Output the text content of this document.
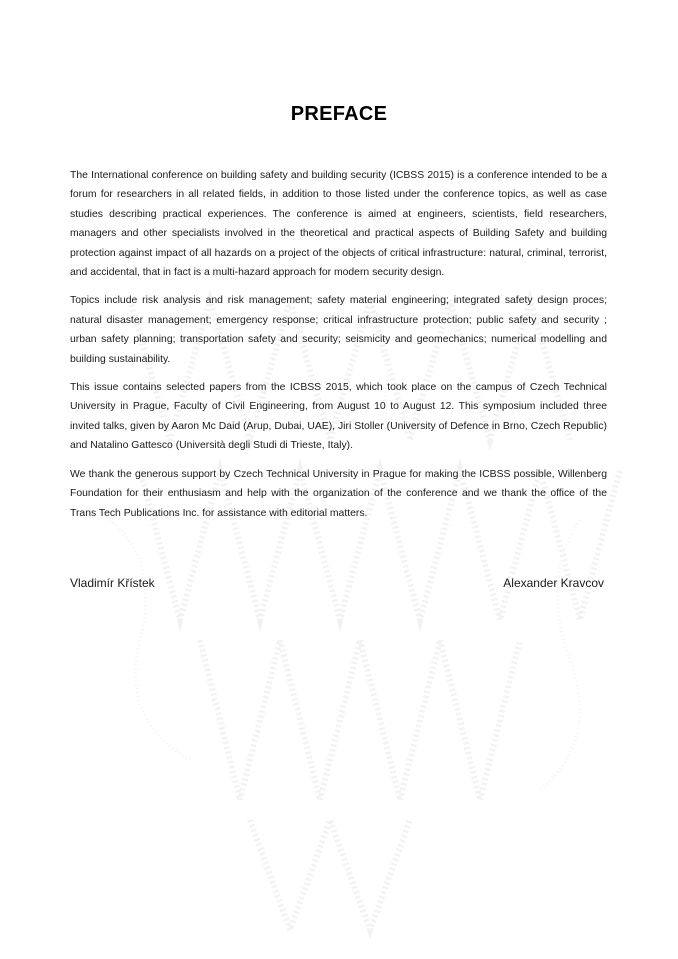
PREFACE

The International conference on building safety and building security (ICBSS 2015) is a conference intended to be a forum for researchers in all related fields, in addition to those listed under the conference topics, as well as case studies describing practical experiences. The conference is aimed at engineers, scientists, field researchers, managers and other specialists involved in the theoretical and practical aspects of Building Safety and building protection against impact of all hazards on a project of the objects of critical infrastructure: natural, criminal, terrorist, and accidental, that in fact is a multi-hazard approach for modern security design.

Topics include risk analysis and risk management; safety material engineering; integrated safety design proces; natural disaster management; emergency response; critical infrastructure protection; public safety and security ; urban safety planning; transportation safety and security; seismicity and geomechanics; numerical modelling and building sustainability.

This issue contains selected papers from the ICBSS 2015, which took place on the campus of Czech Technical University in Prague, Faculty of Civil Engineering, from August 10 to August 12. This symposium included three invited talks, given by Aaron Mc Daid (Arup, Dubai, UAE), Jiri Stoller (University of Defence in Brno, Czech Republic) and Natalino Gattesco (Università degli Studi di Trieste, Italy).

We thank the generous support by Czech Technical University in Prague for making the ICBSS possible, Willenberg Foundation for their enthusiasm and help with the organization of the conference and we thank the office of the Trans Tech Publications Inc. for assistance with editorial matters.

Vladimír Křístek	Alexander Kravcov
